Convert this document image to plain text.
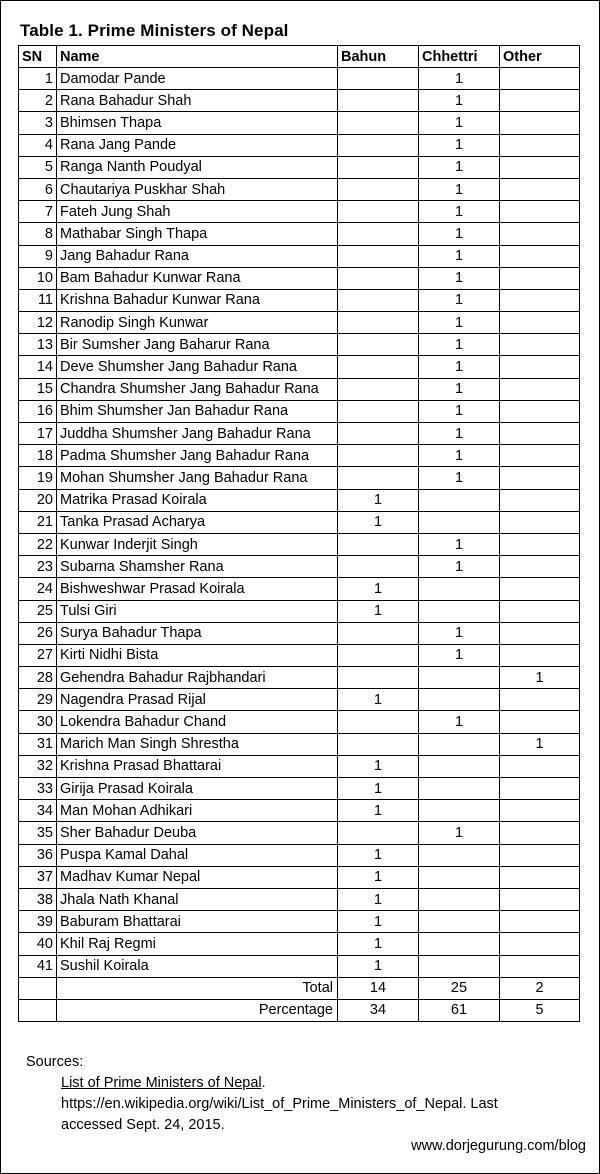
Table 1. Prime Ministers of Nepal
SN	Name	Bahun	Chhettri	Other
1	Damodar Pande		1	
2	Rana Bahadur Shah		1	
3	Bhimsen Thapa		1	
4	Rana Jang Pande		1	
5	Ranga Nanth Poudyal		1	
6	Chautariya Puskhar Shah		1	
7	Fateh Jung Shah		1	
8	Mathabar Singh Thapa		1	
9	Jang Bahadur Rana		1	
10	Bam Bahadur Kunwar Rana		1	
11	Krishna Bahadur Kunwar Rana		1	
12	Ranodip Singh Kunwar		1	
13	Bir Sumsher Jang Baharur Rana		1	
14	Deve Shumsher Jang Bahadur Rana		1	
15	Chandra Shumsher Jang Bahadur Rana		1	
16	Bhim Shumsher Jan Bahadur Rana		1	
17	Juddha Shumsher Jang Bahadur Rana		1	
18	Padma Shumsher Jang Bahadur Rana		1	
19	Mohan Shumsher Jang Bahadur Rana		1	
20	Matrika Prasad Koirala	1		
21	Tanka Prasad Acharya	1		
22	Kunwar Inderjit Singh		1	
23	Subarna Shamsher Rana		1	
24	Bishweshwar Prasad Koirala	1		
25	Tulsi Giri	1		
26	Surya Bahadur Thapa		1	
27	Kirti Nidhi Bista		1	
28	Gehendra Bahadur Rajbhandari			1
29	Nagendra Prasad Rijal	1		
30	Lokendra Bahadur Chand		1	
31	Marich Man Singh Shrestha			1
32	Krishna Prasad Bhattarai	1		
33	Girija Prasad Koirala	1		
34	Man Mohan Adhikari	1		
35	Sher Bahadur Deuba		1	
36	Puspa Kamal Dahal	1		
37	Madhav Kumar Nepal	1		
38	Jhala Nath Khanal	1		
39	Baburam Bhattarai	1		
40	Khil Raj Regmi	1		
41	Sushil Koirala	1		
	Total	14	25	2
	Percentage	34	61	5
Sources:
List of Prime Ministers of Nepal.
https://en.wikipedia.org/wiki/List_of_Prime_Ministers_of_Nepal. Last
accessed Sept. 24, 2015.
www.dorjegurung.com/blog
